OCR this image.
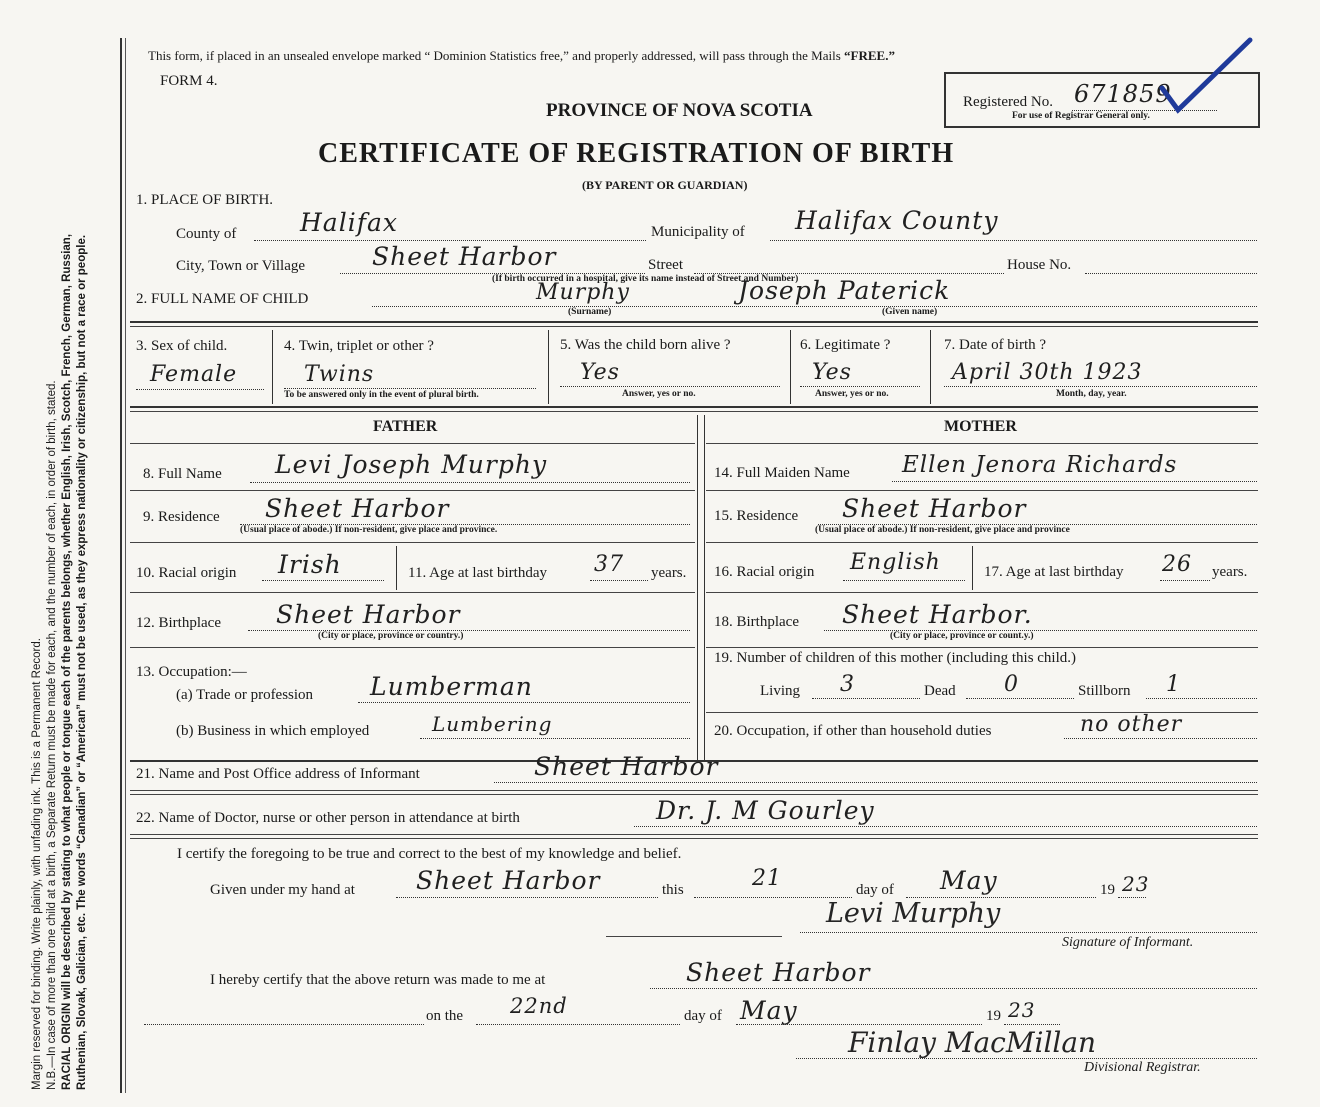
Margin reserved for binding. Write plainly, with unfading ink. This is a Permanent Record. N.B.—In case of more than one child at a birth, a Separate Return must be made for each, and the number of each, in order of birth, stated. RACIAL ORIGIN will be described by stating to what people or tongue each of the parents belongs, whether English, Irish, Scotch, French, German, Russian, Ruthenian, Slovak, Galician, etc. The words “Canadian” or “American” must not be used, as they express nationality or citizenship, but not a race or people.
This form, if placed in an unsealed envelope marked “ Dominion Statistics free,” and properly addressed, will pass through the Mails “FREE.”
FORM 4.
PROVINCE OF NOVA SCOTIA
CERTIFICATE OF REGISTRATION OF BIRTH
(BY PARENT OR GUARDIAN)
Registered No. 671859
For use of Registrar General only.
1. PLACE OF BIRTH.
County of	Halifax	Municipality of Halifax County
City, Town or Village	Sheet Harbor	Street	House No.
(If birth occurred in a hospital, give its name instead of Street and Number)
2. FULL NAME OF CHILD	Murphy	Joseph Paterick
(Surname)	(Given name)
3. Sex of child.
Female
4. Twin, triplet or other ?
Twins
To be answered only in the event of plural birth.
5. Was the child born alive ?
Yes
Answer, yes or no.
6. Legitimate ?
Yes
Answer, yes or no.
7. Date of birth ?
April 30th 1923
Month, day, year.
FATHER	MOTHER
8. Full Name Levi Joseph Murphy
9. Residence Sheet Harbor
(Usual place of abode.) If non-resident, give place and province.
10. Racial origin Irish	11. Age at last birthday 37 years.
12. Birthplace Sheet Harbor
(City or place, province or country.)
13. Occupation:—
(a) Trade or profession Lumberman
(b) Business in which employed	Lumbering
14. Full Maiden Name Ellen Jenora Richards
15. Residence Sheet Harbor
(Usual place of abode.) If non-resident, give place and province
16. Racial origin English	17. Age at last birthday 26 years.
18. Birthplace Sheet Harbor.
(City or place, province or count.y.)
19. Number of children of this mother (including this child.)
Living 3	Dead 0	Stillborn 1
20. Occupation, if other than household duties	no other
21. Name and Post Office address of Informant	Sheet Harbor
22. Name of Doctor, nurse or other person in attendance at birth	Dr. J. M Gourley
I certify the foregoing to be true and correct to the best of my knowledge and belief.
Given under my hand at Sheet Harbor	this	21	day of May	19 23
Levi Murphy
Signature of Informant.
I hereby certify that the above return was made to me at	Sheet Harbor
on the 22nd	day of May	19 23
Finlay MacMillan
Divisional Registrar.
